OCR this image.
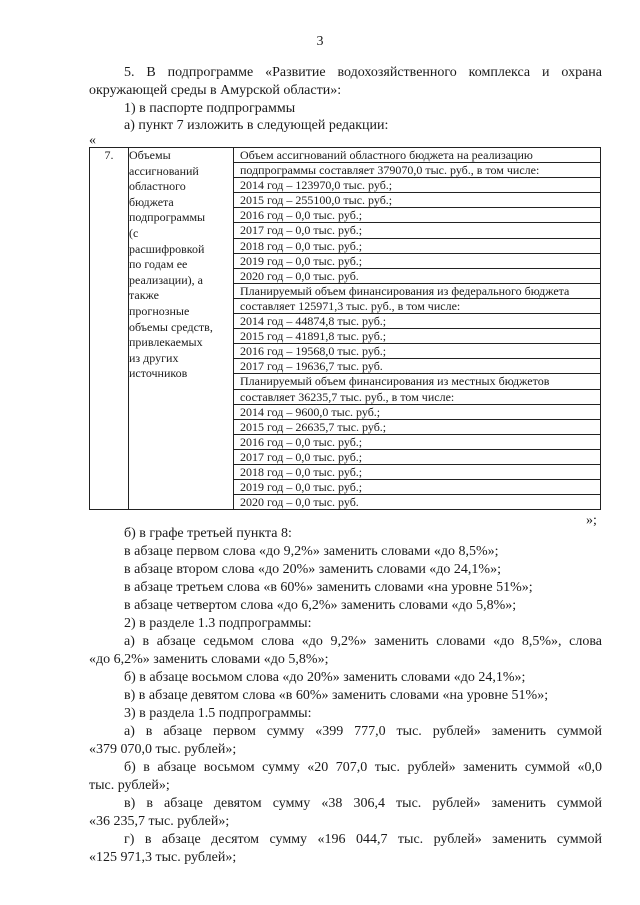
3
5. В подпрограмме «Развитие водохозяйственного комплекса и охрана
окружающей среды в Амурской области»:
1) в паспорте подпрограммы
а) пункт 7 изложить в следующей редакции:
«
7.	Объемы
ассигнований
областного
бюджета
подпрограммы
(с
расшифровкой
по годам ее
реализации), а
также
прогнозные
объемы средств,
привлекаемых
из других
источников

Объем ассигнований областного бюджета на реализацию
подпрограммы составляет 379070,0 тыс. руб., в том числе:
2014 год – 123970,0 тыс. руб.;
2015 год – 255100,0 тыс. руб.;
2016 год – 0,0 тыс. руб.;
2017 год – 0,0 тыс. руб.;
2018 год – 0,0 тыс. руб.;
2019 год – 0,0 тыс. руб.;
2020 год – 0,0 тыс. руб.
Планируемый объем финансирования из федерального бюджета
составляет 125971,3 тыс. руб., в том числе:
2014 год – 44874,8 тыс. руб.;
2015 год – 41891,8 тыс. руб.;
2016 год – 19568,0 тыс. руб.;
2017 год – 19636,7 тыс. руб.
Планируемый объем финансирования из местных бюджетов
составляет 36235,7 тыс. руб., в том числе:
2014 год – 9600,0 тыс. руб.;
2015 год – 26635,7 тыс. руб.;
2016 год – 0,0 тыс. руб.;
2017 год – 0,0 тыс. руб.;
2018 год – 0,0 тыс. руб.;
2019 год – 0,0 тыс. руб.;
2020 год – 0,0 тыс. руб.
»;
б) в графе третьей пункта 8:
в абзаце первом слова «до 9,2%» заменить словами «до 8,5%»;
в абзаце втором слова «до 20%» заменить словами «до 24,1%»;
в абзаце третьем слова «в 60%» заменить словами «на уровне 51%»;
в абзаце четвертом слова «до 6,2%» заменить словами «до 5,8%»;
2) в разделе 1.3 подпрограммы:
а) в абзаце седьмом слова «до 9,2%» заменить словами «до 8,5%», слова
«до 6,2%» заменить словами «до 5,8%»;
б) в абзаце восьмом слова «до 20%» заменить словами «до 24,1%»;
в) в абзаце девятом слова «в 60%» заменить словами «на уровне 51%»;
3) в раздела 1.5 подпрограммы:
а) в абзаце первом сумму «399 777,0 тыс. рублей» заменить суммой
«379 070,0 тыс. рублей»;
б) в абзаце восьмом сумму «20 707,0 тыс. рублей» заменить суммой «0,0
тыс. рублей»;
в) в абзаце девятом сумму «38 306,4 тыс. рублей» заменить суммой
«36 235,7 тыс. рублей»;
г) в абзаце десятом сумму «196 044,7 тыс. рублей» заменить суммой
«125 971,3 тыс. рублей»;
